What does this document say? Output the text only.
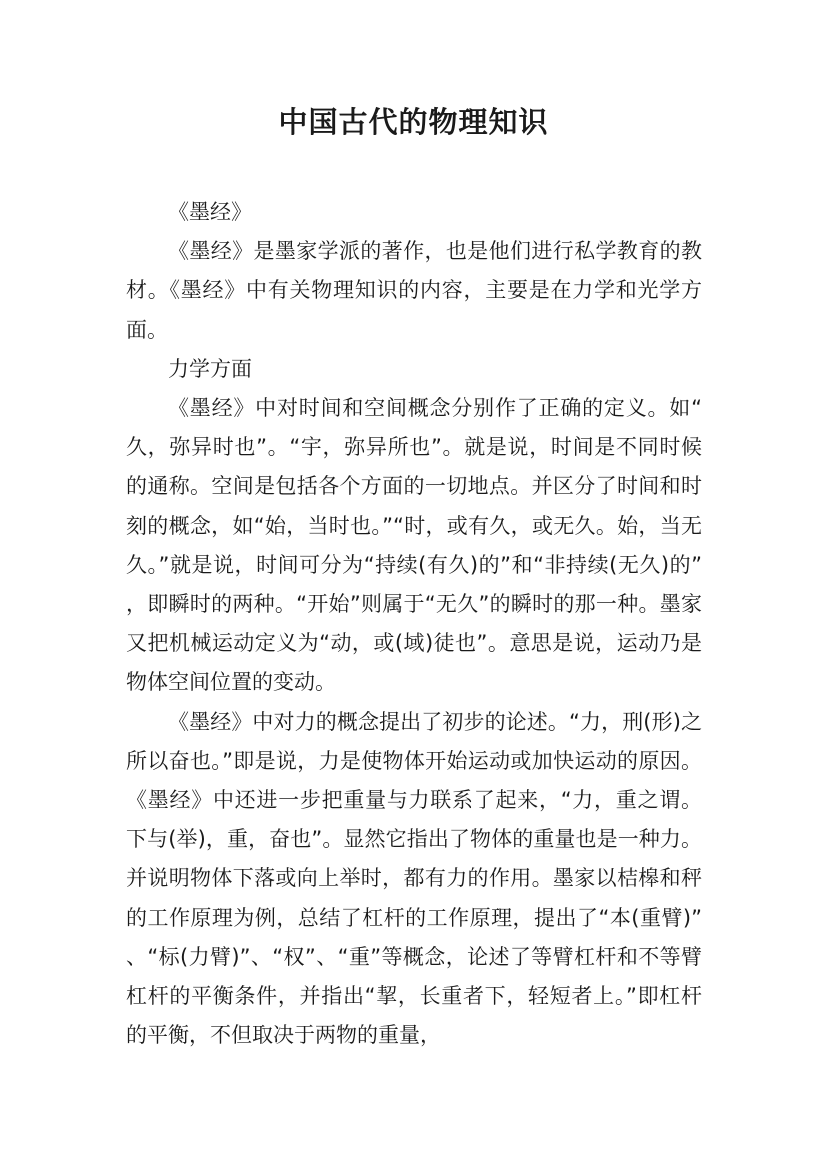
中国古代的物理知识

《墨经》

《墨经》是墨家学派的著作，也是他们进行私学教育的教材。《墨经》中有关物理知识的内容，主要是在力学和光学方面。

力学方面

《墨经》中对时间和空间概念分别作了正确的定义。如“久，弥异时也”。“宇，弥异所也”。就是说，时间是不同时候的通称。空间是包括各个方面的一切地点。并区分了时间和时刻的概念，如“始，当时也。”“时，或有久，或无久。始，当无久。”就是说，时间可分为“持续(有久)的”和“非持续(无久)的”，即瞬时的两种。“开始”则属于“无久”的瞬时的那一种。墨家又把机械运动定义为“动，或(域)徒也”。意思是说，运动乃是物体空间位置的变动。

《墨经》中对力的概念提出了初步的论述。“力，刑(形)之所以奋也。”即是说，力是使物体开始运动或加快运动的原因。《墨经》中还进一步把重量与力联系了起来，“力，重之谓。下与(举)，重，奋也”。显然它指出了物体的重量也是一种力。并说明物体下落或向上举时，都有力的作用。墨家以桔槔和秤的工作原理为例，总结了杠杆的工作原理，提出了“本(重臂)”、“标(力臂)”、“权”、“重”等概念，论述了等臂杠杆和不等臂杠杆的平衡条件，并指出“挈，长重者下，轻短者上。”即杠杆的平衡，不但取决于两物的重量，
